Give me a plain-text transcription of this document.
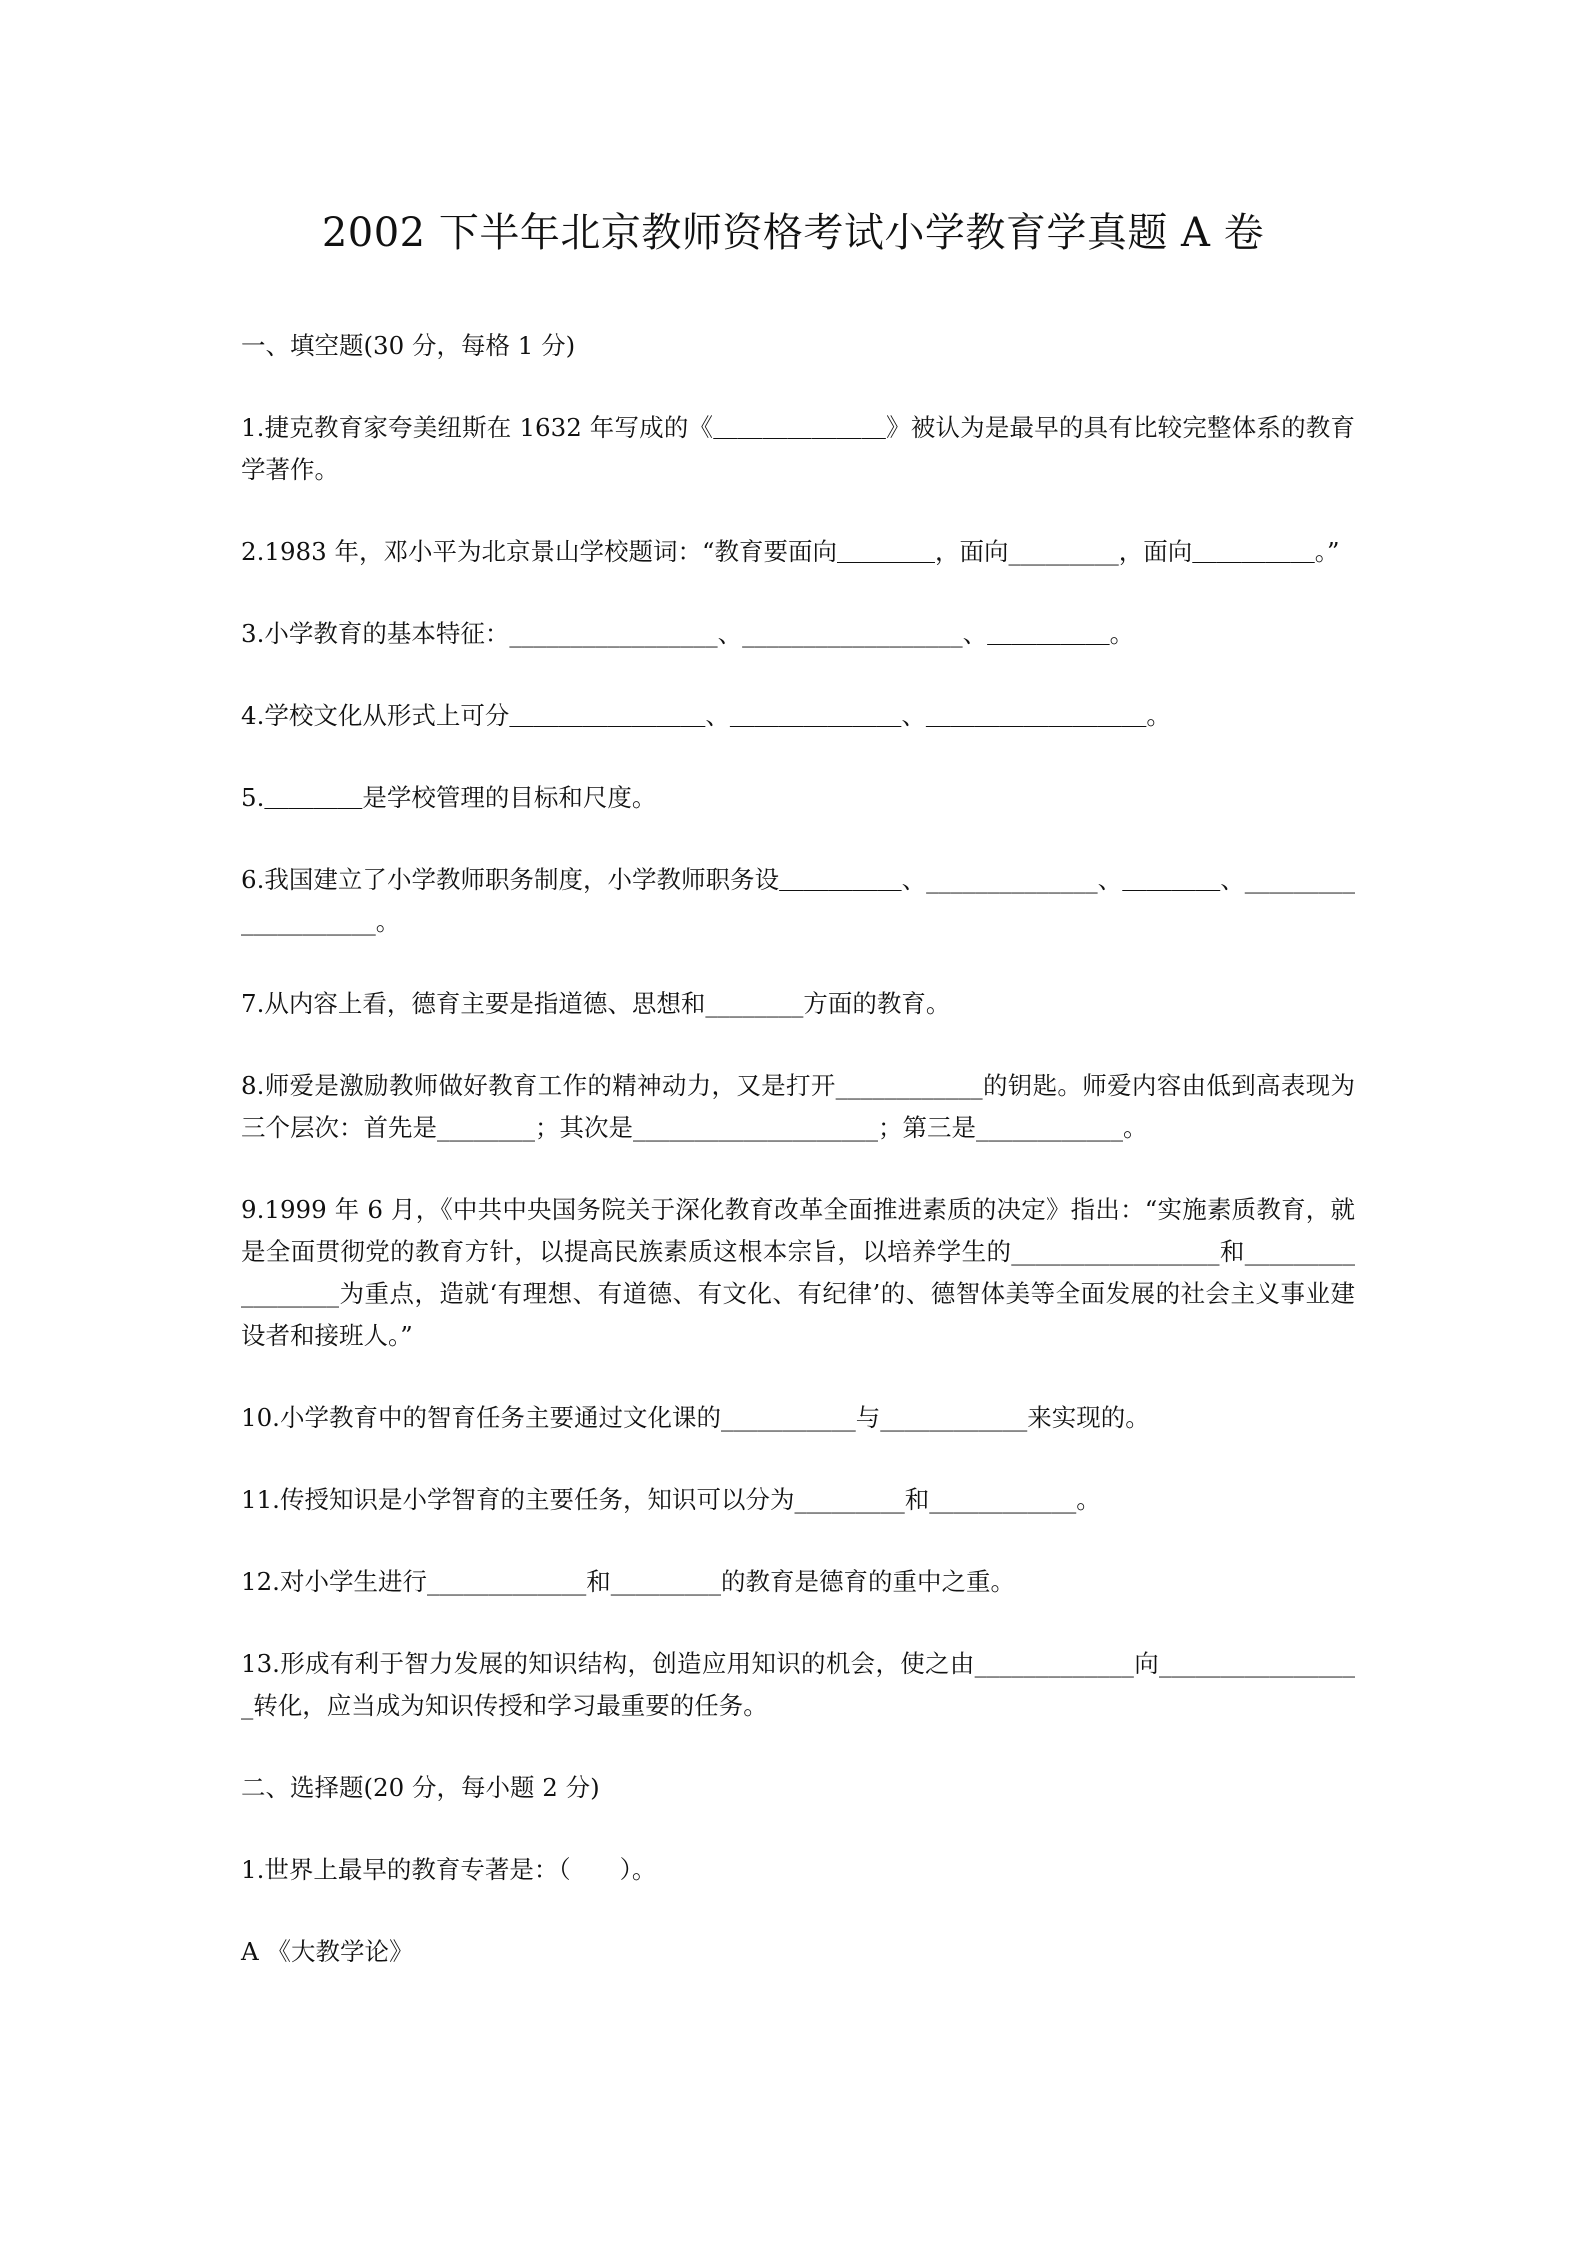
2002 下半年北京教师资格考试小学教育学真题 A 卷

一、填空题(30 分，每格 1 分)

1.捷克教育家夸美纽斯在 1632 年写成的《＿＿＿＿＿＿＿》被认为是最早的具有比较完整体系的教育学著作。

2.1983 年，邓小平为北京景山学校题词：“教育要面向＿＿＿＿，面向_________，面向＿＿＿＿＿。”

3.小学教育的基本特征：_________________、__________________、＿＿＿＿＿。

4.学校文化从形式上可分＿＿＿＿＿＿＿＿、＿＿＿＿＿＿＿、＿＿＿＿＿＿＿＿＿。

5.＿＿＿＿是学校管理的目标和尺度。

6.我国建立了小学教师职务制度，小学教师职务设＿＿＿＿＿、______________、＿＿＿＿、____________________。

7.从内容上看，德育主要是指道德、思想和________方面的教育。

8.师爱是激励教师做好教育工作的精神动力，又是打开____________的钥匙。师爱内容由低到高表现为三个层次：首先是________；其次是____________________；第三是____________。

9.1999 年 6 月，《中共中央国务院关于深化教育改革全面推进素质的决定》指出：“实施素质教育，就是全面贯彻党的教育方针，以提高民族素质这根本宗旨，以培养学生的_________________和_________________为重点，造就‘有理想、有道德、有文化、有纪律’的、德智体美等全面发展的社会主义事业建设者和接班人。”

10.小学教育中的智育任务主要通过文化课的___________与____________来实现的。

11.传授知识是小学智育的主要任务，知识可以分为_________和____________。

12.对小学生进行_____________和_________的教育是德育的重中之重。

13.形成有利于智力发展的知识结构，创造应用知识的机会，使之由_____________向_________________转化，应当成为知识传授和学习最重要的任务。

二、选择题(20 分，每小题 2 分)

1.世界上最早的教育专著是：（　　）。

A 《大教学论》
